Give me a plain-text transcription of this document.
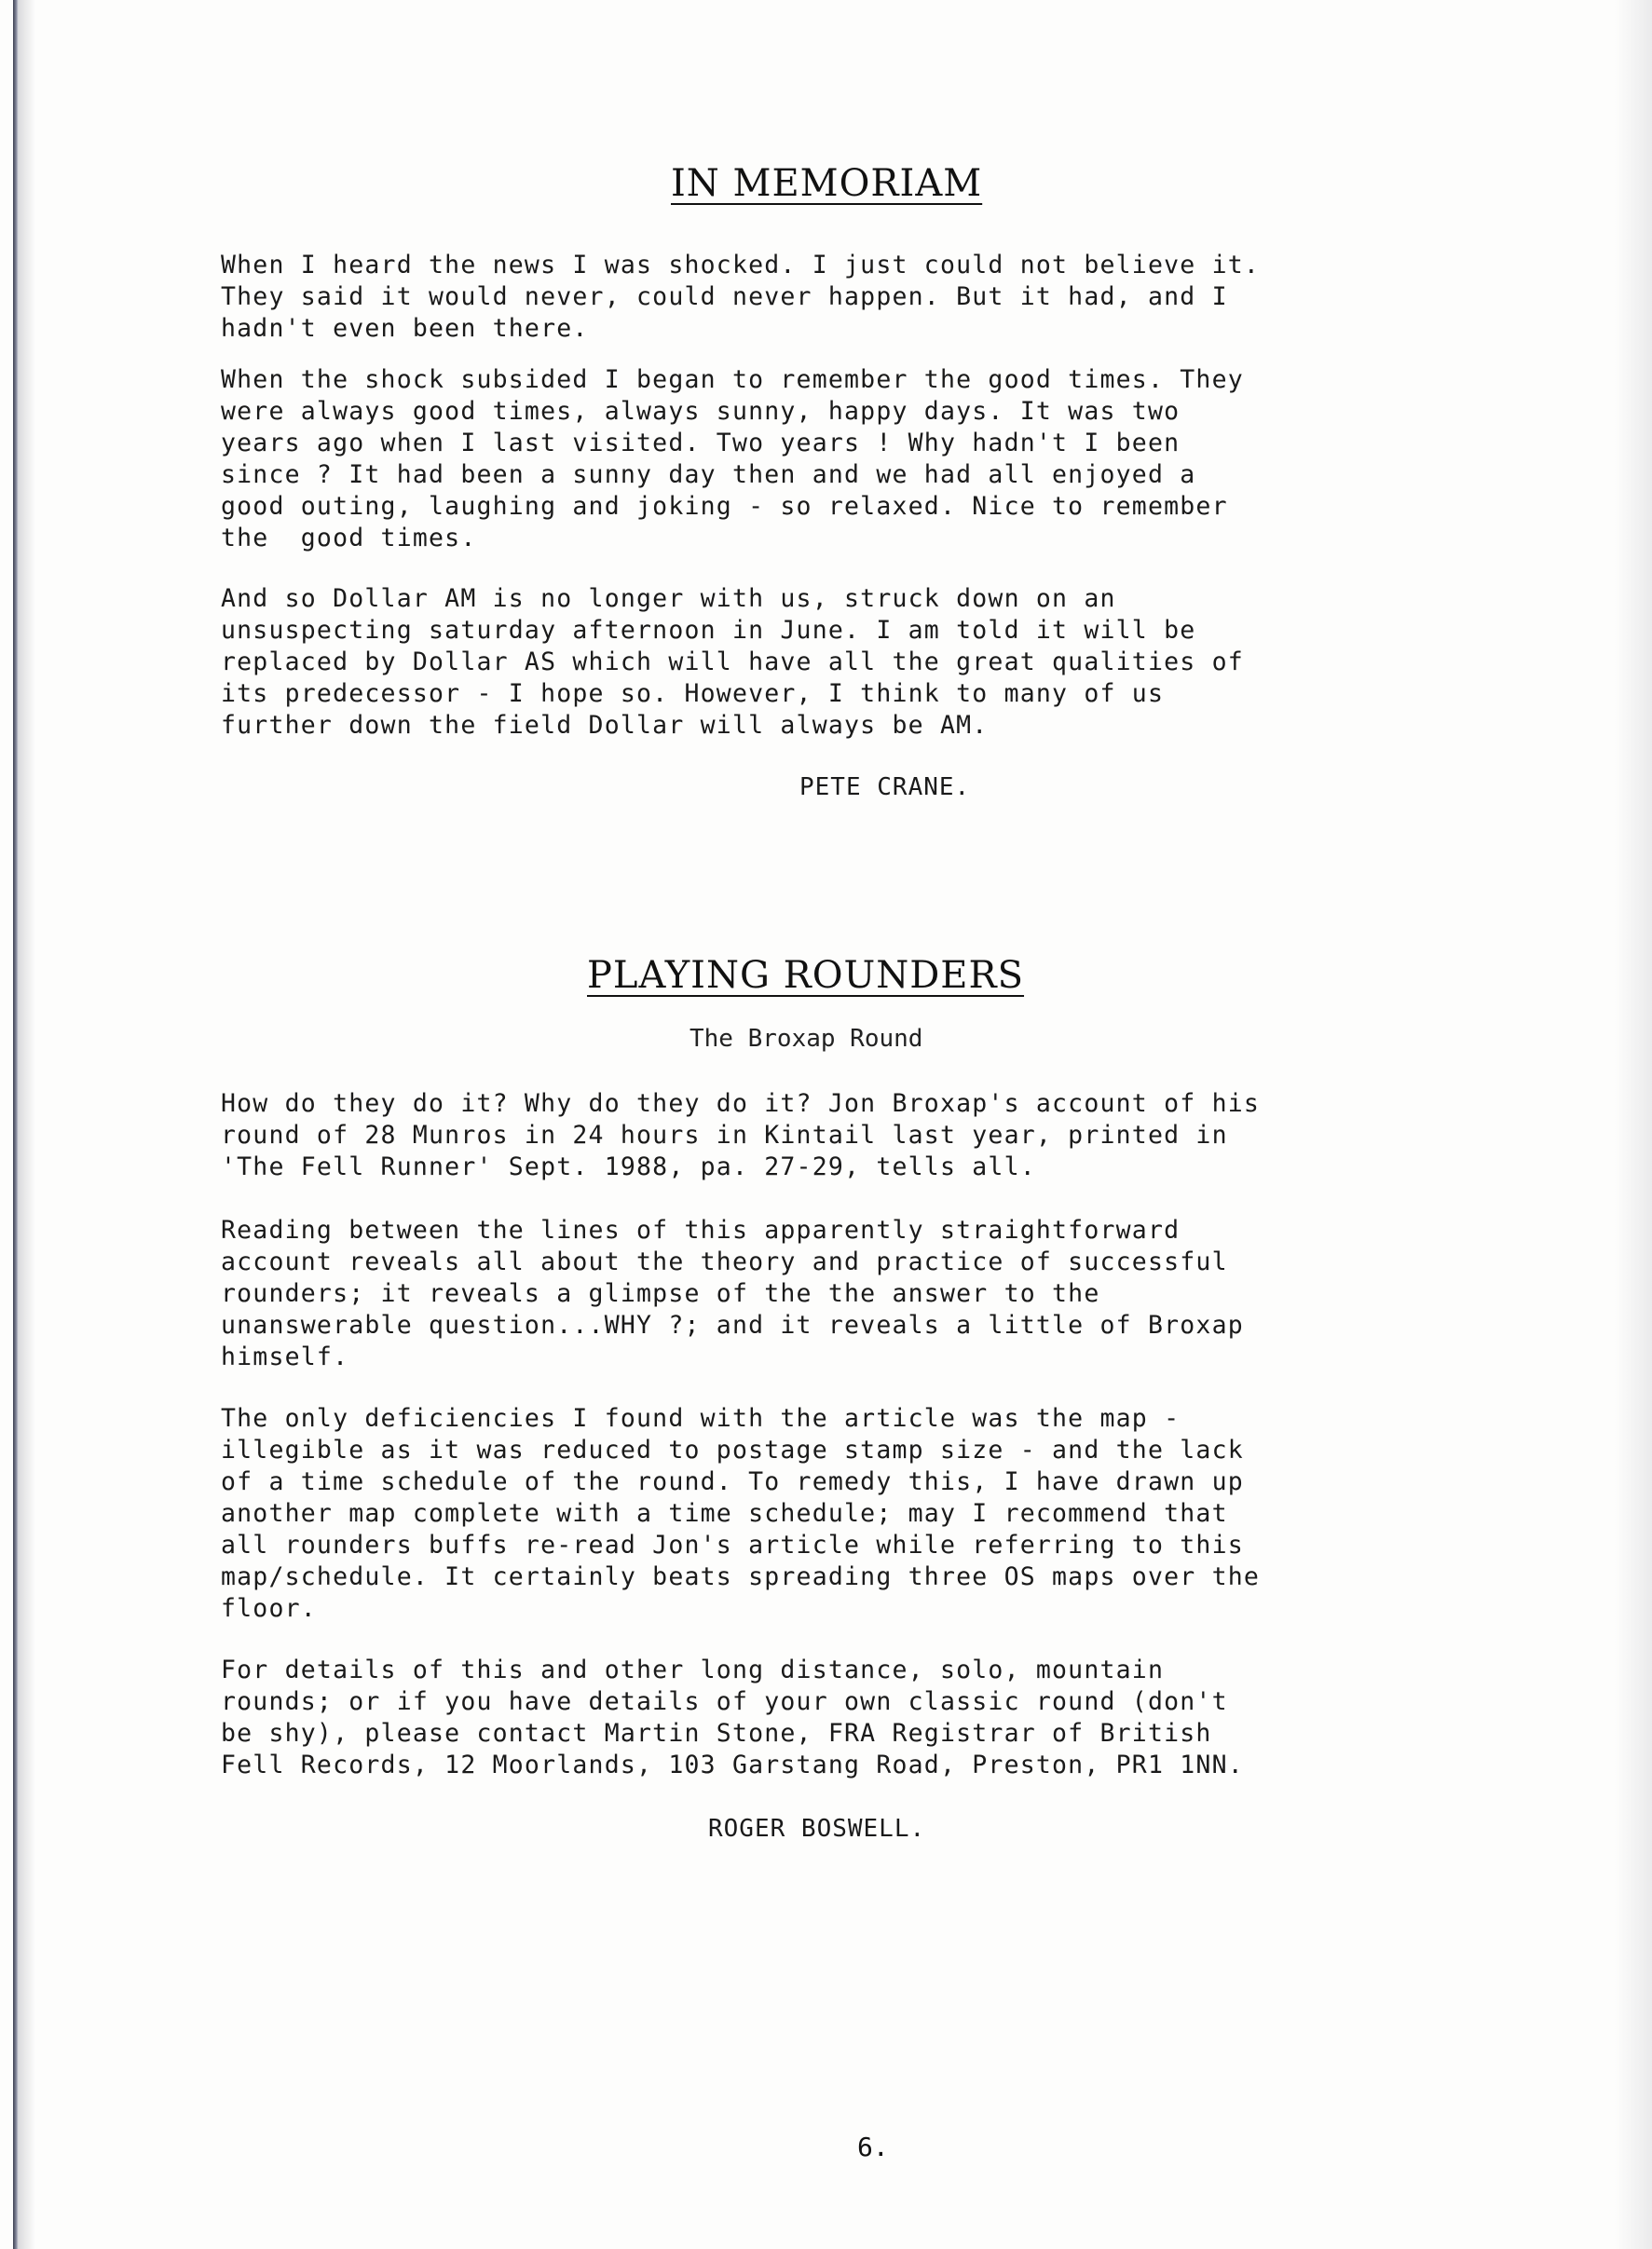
IN MEMORIAM

When I heard the news I was shocked. I just could not believe it.
They said it would never, could never happen. But it had, and I
hadn't even been there.

When the shock subsided I began to remember the good times. They
were always good times, always sunny, happy days. It was two
years ago when I last visited. Two years ! Why hadn't I been
since ? It had been a sunny day then and we had all enjoyed a
good outing, laughing and joking - so relaxed. Nice to remember
the  good times.

And so Dollar AM is no longer with us, struck down on an
unsuspecting saturday afternoon in June. I am told it will be
replaced by Dollar AS which will have all the great qualities of
its predecessor - I hope so. However, I think to many of us
further down the field Dollar will always be AM.

PETE CRANE.
PLAYING ROUNDERS
The Broxap Round

How do they do it? Why do they do it? Jon Broxap's account of his
round of 28 Munros in 24 hours in Kintail last year, printed in
'The Fell Runner' Sept. 1988, pa. 27-29, tells all.

Reading between the lines of this apparently straightforward
account reveals all about the theory and practice of successful
rounders; it reveals a glimpse of the the answer to the
unanswerable question...WHY ?; and it reveals a little of Broxap
himself.

The only deficiencies I found with the article was the map -
illegible as it was reduced to postage stamp size - and the lack
of a time schedule of the round. To remedy this, I have drawn up
another map complete with a time schedule; may I recommend that
all rounders buffs re-read Jon's article while referring to this
map/schedule. It certainly beats spreading three OS maps over the
floor.

For details of this and other long distance, solo, mountain
rounds; or if you have details of your own classic round (don't
be shy), please contact Martin Stone, FRA Registrar of British
Fell Records, 12 Moorlands, 103 Garstang Road, Preston, PR1 1NN.

ROGER BOSWELL.
6.
